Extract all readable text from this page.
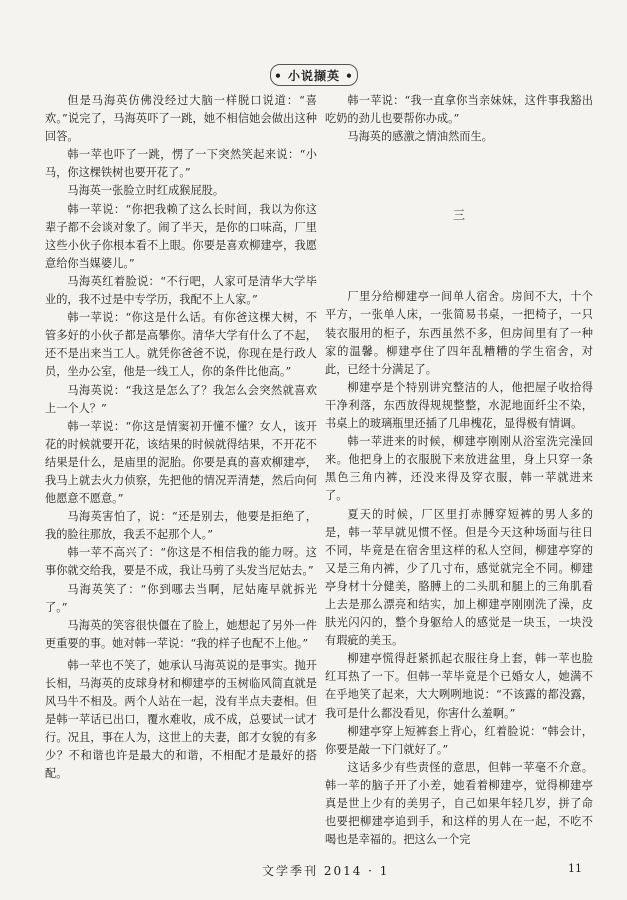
• 小说撷英 •

但是马海英仿佛没经过大脑一样脱口说道：“喜欢。”说完了，马海英吓了一跳，她不相信她会做出这种回答。

韩一苹也吓了一跳，愣了一下突然笑起来说：“小马，你这棵铁树也要开花了。”

马海英一张脸立时红成猴屁股。

韩一苹说：“你把我赖了这么长时间，我以为你这辈子都不会谈对象了。闹了半天，是你的口味高，厂里这些小伙子你根本看不上眼。你要是喜欢柳建亭，我愿意给你当媒婆儿。”

马海英红着脸说：“不行吧，人家可是清华大学毕业的，我不过是中专学历，我配不上人家。”

韩一苹说：“你这是什么话。有你爸这棵大树，不管多好的小伙子都是高攀你。清华大学有什么了不起，还不是出来当工人。就凭你爸爸不说，你现在是行政人员，坐办公室，他是一线工人，你的条件比他高。”

马海英说：“我这是怎么了？我怎么会突然就喜欢上一个人？”

韩一苹说：“你这是情窦初开懂不懂？女人，该开花的时候就要开花，该结果的时候就得结果，不开花不结果是什么，是庙里的泥胎。你要是真的喜欢柳建亭，我马上就去火力侦察，先把他的情况弄清楚，然后向何他愿意不愿意。”

马海英害怕了，说：“还是别去，他要是拒绝了，我的脸往那放，我丢不起那个人。”

韩一苹不高兴了：“你这是不相信我的能力呀。这事你就交给我，要是不成，我让马剪了头发当尼姑去。”

马海英笑了：“你到哪去当啊，尼姑庵早就拆光了。”

马海英的笑容很快僵在了脸上，她想起了另外一件更重要的事。她对韩一苹说：“我的样子也配不上他。”

韩一苹也不笑了，她承认马海英说的是事实。抛开长相，马海英的皮球身材和柳建亭的玉树临风简直就是风马牛不相及。两个人站在一起，没有半点夫妻相。但是韩一苹话已出口，覆水难收，成不成，总要试一试才行。况且，事在人为，这世上的夫妻，郎才女貌的有多少？不和谐也许是最大的和谐，不相配才是最好的搭配。

韩一苹说：“我一直拿你当亲妹妹，这件事我豁出吃奶的劲儿也要帮你办成。”

马海英的感激之情油然而生。

三

厂里分给柳建亭一间单人宿舍。房间不大，十个平方，一张单人床，一张简易书桌，一把椅子，一只装衣服用的柜子，东西虽然不多，但房间里有了一种家的温馨。柳建亭住了四年乱糟糟的学生宿舍，对此，已经十分满足了。

柳建亭是个特别讲究整洁的人，他把屋子收拾得干净利落，东西放得规规整整，水泥地面纤尘不染，书桌上的玻璃瓶里还插了几串槐花，显得极有情调。

韩一苹进来的时候，柳建亭刚刚从浴室洗完澡回来。他把身上的衣服脱下来放进盆里，身上只穿一条黑色三角内裤，还没来得及穿衣服，韩一苹就进来了。

夏天的时候，厂区里打赤膊穿短裤的男人多的是，韩一苹早就见惯不怪。但是今天这种场面与往日不同，毕竟是在宿舍里这样的私人空间，柳建亭穿的又是三角内裤，少了几寸布，感觉就完全不同。柳建亭身材十分健美，胳膊上的二头肌和腿上的三角肌看上去是那么漂亮和结实，加上柳建亭刚刚洗了澡，皮肤光闪闪的，整个身躯给人的感觉是一块玉，一块没有瑕疵的美玉。

柳建亭慌得赶紧抓起衣服往身上套，韩一苹也脸红耳热了一下。但韩一苹毕竟是个已婚女人，她满不在乎地笑了起来，大大咧咧地说：“不该露的都没露，我可是什么都没看见，你害什么羞啊。”

柳建亭穿上短裤套上背心，红着脸说：“韩会计，你要是敲一下门就好了。”

这话多少有些责怪的意思，但韩一苹毫不介意。韩一苹的脑子开了小差，她看着柳建亭，觉得柳建亭真是世上少有的美男子，自己如果年轻几岁，拼了命也要把柳建亭追到手，和这样的男人在一起，不吃不喝也是幸福的。把这么一个完

文学季刊 2014 · 1	11
